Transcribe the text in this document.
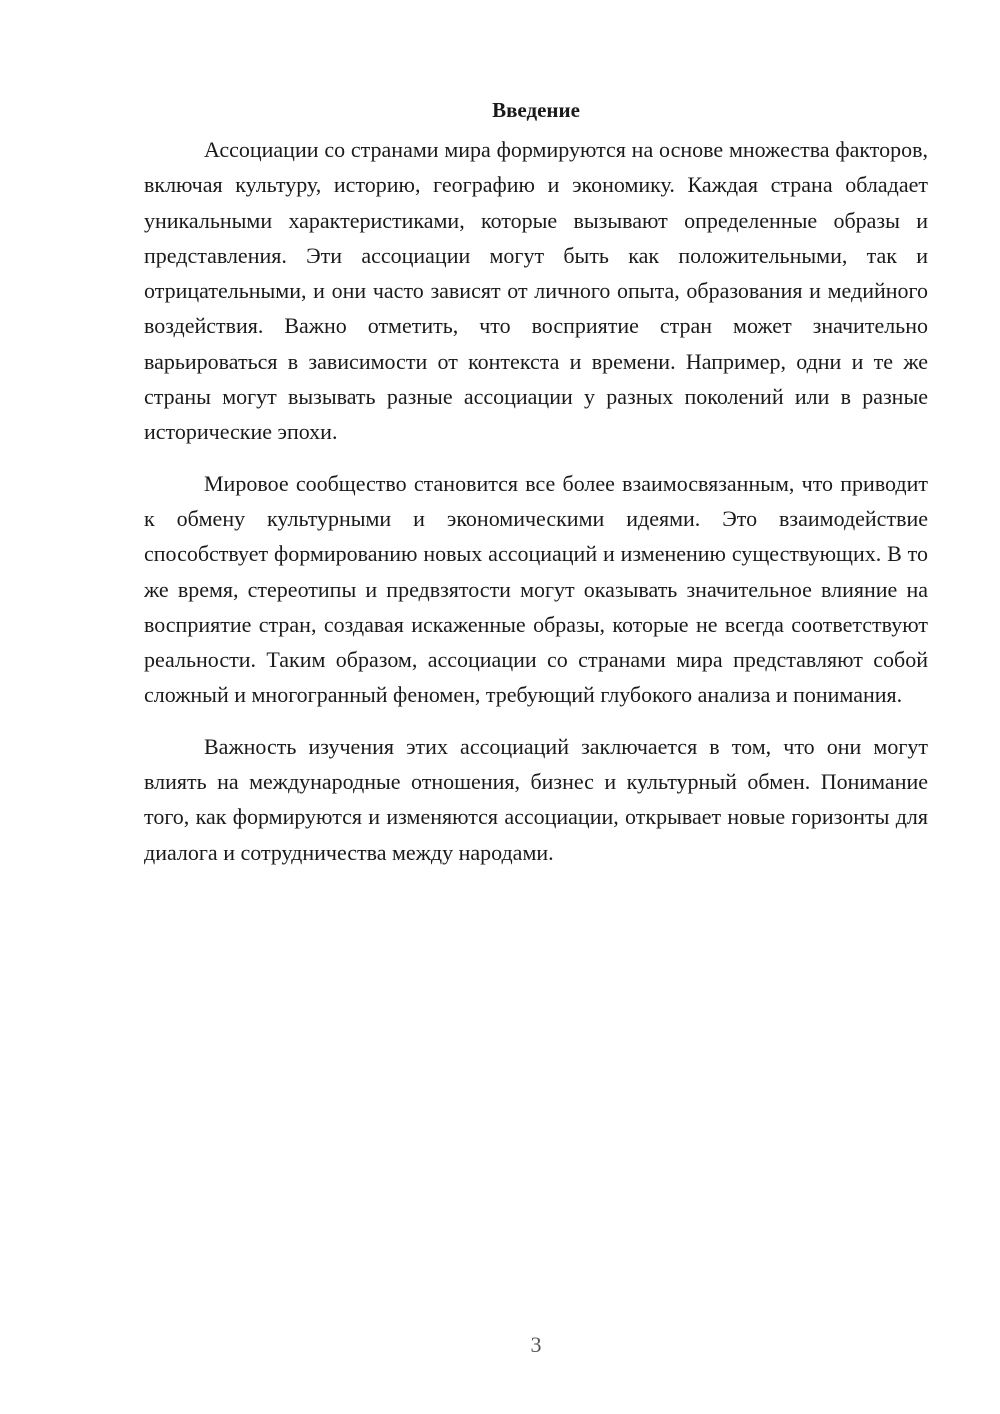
Введение

Ассоциации со странами мира формируются на основе множества факторов, включая культуру, историю, географию и экономику. Каждая страна обладает уникальными характеристиками, которые вызывают определенные образы и представления. Эти ассоциации могут быть как положительными, так и отрицательными, и они часто зависят от личного опыта, образования и медийного воздействия. Важно отметить, что восприятие стран может значительно варьироваться в зависимости от контекста и времени. Например, одни и те же страны могут вызывать разные ассоциации у разных поколений или в разные исторические эпохи.

Мировое сообщество становится все более взаимосвязанным, что приводит к обмену культурными и экономическими идеями. Это взаимодействие способствует формированию новых ассоциаций и изменению существующих. В то же время, стереотипы и предвзятости могут оказывать значительное влияние на восприятие стран, создавая искаженные образы, которые не всегда соответствуют реальности. Таким образом, ассоциации со странами мира представляют собой сложный и многогранный феномен, требующий глубокого анализа и понимания.

Важность изучения этих ассоциаций заключается в том, что они могут влиять на международные отношения, бизнес и культурный обмен. Понимание того, как формируются и изменяются ассоциации, открывает новые горизонты для диалога и сотрудничества между народами.

3
